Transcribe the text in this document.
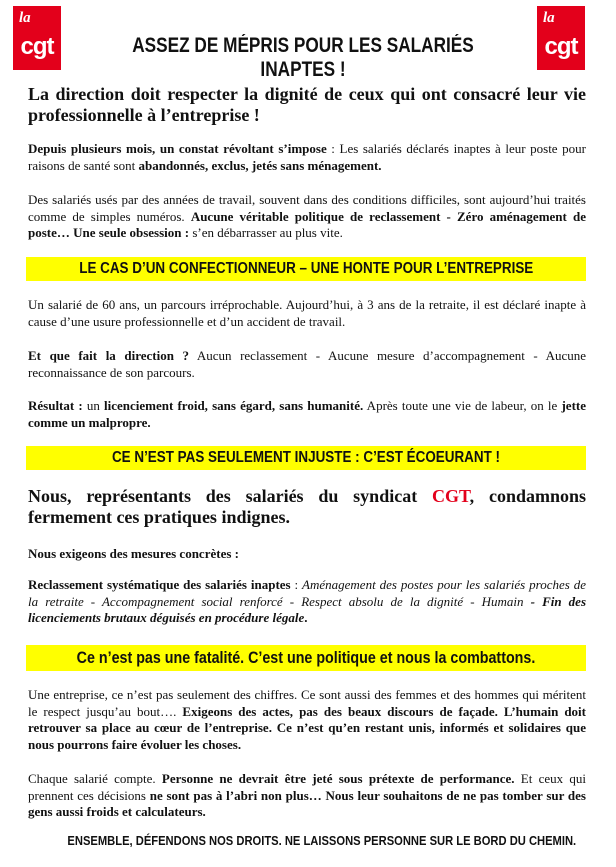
la
cgt
la
cgt
ASSEZ DE MÉPRIS POUR LES SALARIÉS INAPTES !
La direction doit respecter la dignité de ceux qui ont consacré leur vie professionnelle à l’entreprise !
Depuis plusieurs mois, un constat révoltant s’impose : Les salariés déclarés inaptes à leur poste pour raisons de santé sont abandonnés, exclus, jetés sans ménagement.
Des salariés usés par des années de travail, souvent dans des conditions difficiles, sont aujourd’hui traités comme de simples numéros. Aucune véritable politique de reclassement - Zéro aménagement de poste… Une seule obsession : s’en débarrasser au plus vite.
LE CAS D’UN CONFECTIONNEUR – UNE HONTE POUR L’ENTREPRISE
Un salarié de 60 ans, un parcours irréprochable. Aujourd’hui, à 3 ans de la retraite, il est déclaré inapte à cause d’une usure professionnelle et d’un accident de travail.
Et que fait la direction ? Aucun reclassement - Aucune mesure d’accompagnement - Aucune reconnaissance de son parcours.
Résultat : un licenciement froid, sans égard, sans humanité. Après toute une vie de labeur, on le jette comme un malpropre.
CE N’EST PAS SEULEMENT INJUSTE : C’EST ÉCOEURANT !
Nous, représentants des salariés du syndicat CGT, condamnons fermement ces pratiques indignes.
Nous exigeons des mesures concrètes :
Reclassement systématique des salariés inaptes : Aménagement des postes pour les salariés proches de la retraite - Accompagnement social renforcé - Respect absolu de la dignité - Humain - Fin des licenciements brutaux déguisés en procédure légale.
Ce n’est pas une fatalité. C’est une politique et nous la combattons.
Une entreprise, ce n’est pas seulement des chiffres. Ce sont aussi des femmes et des hommes qui méritent le respect jusqu’au bout…. Exigeons des actes, pas des beaux discours de façade. L’humain doit retrouver sa place au cœur de l’entreprise. Ce n’est qu’en restant unis, informés et solidaires que nous pourrons faire évoluer les choses.
Chaque salarié compte. Personne ne devrait être jeté sous prétexte de performance. Et ceux qui prennent ces décisions ne sont pas à l’abri non plus… Nous leur souhaitons de ne pas tomber sur des gens aussi froids et calculateurs.
ENSEMBLE, DÉFENDONS NOS DROITS. NE LAISSONS PERSONNE SUR LE BORD DU CHEMIN.
